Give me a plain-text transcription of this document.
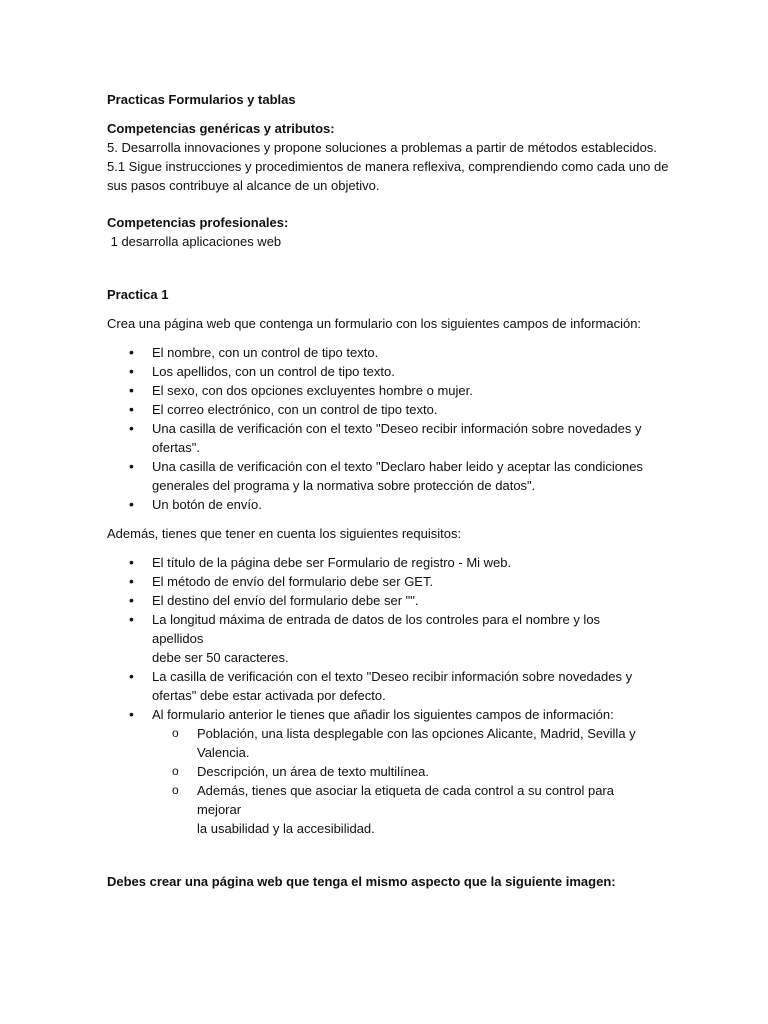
Practicas Formularios y tablas

Competencias genéricas y atributos:

5. Desarrolla innovaciones y propone soluciones a problemas a partir de métodos establecidos.

5.1 Sigue instrucciones y procedimientos de manera reflexiva, comprendiendo como cada uno de

sus pasos contribuye al alcance de un objetivo.

Competencias profesionales:

1 desarrolla aplicaciones web

Practica 1

Crea una página web que contenga un formulario con los siguientes campos de información:

• El nombre, con un control de tipo texto.
• Los apellidos, con un control de tipo texto.
• El sexo, con dos opciones excluyentes hombre o mujer.
• El correo electrónico, con un control de tipo texto.
• Una casilla de verificación con el texto "Deseo recibir información sobre novedades y
ofertas".
• Una casilla de verificación con el texto "Declaro haber leido y aceptar las condiciones
generales del programa y la normativa sobre protección de datos".
• Un botón de envío.

Además, tienes que tener en cuenta los siguientes requisitos:

• El título de la página debe ser Formulario de registro - Mi web.
• El método de envío del formulario debe ser GET.
• El destino del envío del formulario debe ser "".
• La longitud máxima de entrada de datos de los controles para el nombre y los apellidos
debe ser 50 caracteres.
• La casilla de verificación con el texto "Deseo recibir información sobre novedades y
ofertas" debe estar activada por defecto.
• Al formulario anterior le tienes que añadir los siguientes campos de información:
o Población, una lista desplegable con las opciones Alicante, Madrid, Sevilla y
Valencia.
o Descripción, un área de texto multilínea.
o Además, tienes que asociar la etiqueta de cada control a su control para mejorar
la usabilidad y la accesibilidad.

Debes crear una página web que tenga el mismo aspecto que la siguiente imagen:
